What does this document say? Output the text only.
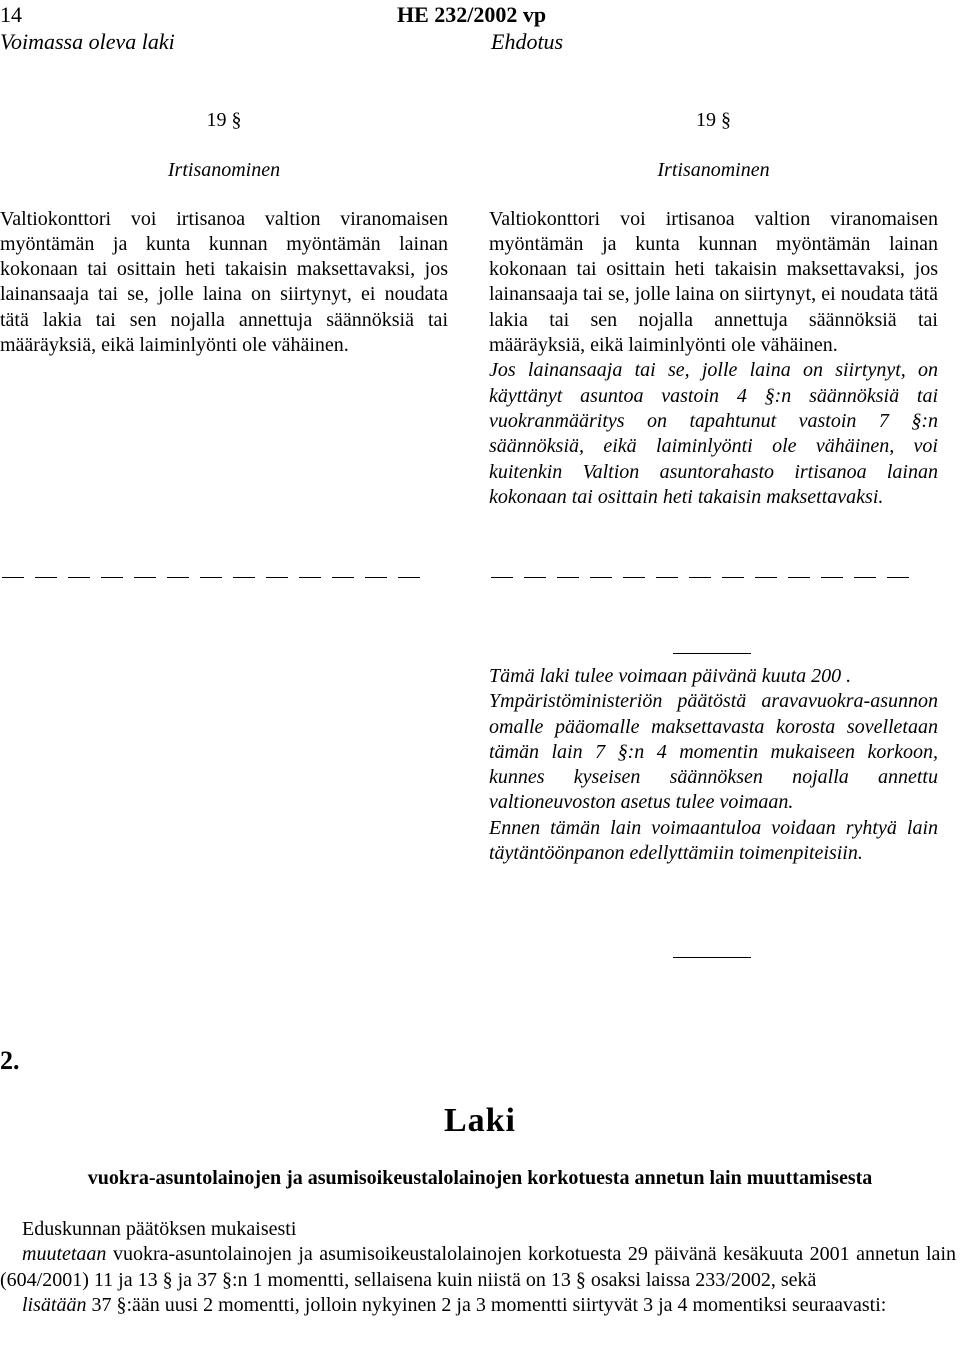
14	HE 232/2002 vp
Voimassa oleva laki	Ehdotus
19 §
Irtisanominen
Valtiokonttori voi irtisanoa valtion viranomaisen myöntämän ja kunta kunnan myöntämän lainan kokonaan tai osittain heti takaisin maksettavaksi, jos lainansaaja tai se, jolle laina on siirtynyt, ei noudata tätä lakia tai sen nojalla annettuja säännöksiä tai määräyksiä, eikä laiminlyönti ole vähäinen.
19 §
Irtisanominen
Valtiokonttori voi irtisanoa valtion viranomaisen myöntämän ja kunta kunnan myöntämän lainan kokonaan tai osittain heti takaisin maksettavaksi, jos lainansaaja tai se, jolle laina on siirtynyt, ei noudata tätä lakia tai sen nojalla annettuja säännöksiä tai määräyksiä, eikä laiminlyönti ole vähäinen.
Jos lainansaaja tai se, jolle laina on siirtynyt, on käyttänyt asuntoa vastoin 4 §:n säännöksiä tai vuokranmääritys on tapahtunut vastoin 7 §:n säännöksiä, eikä laiminlyönti ole vähäinen, voi kuitenkin Valtion asuntorahasto irtisanoa lainan kokonaan tai osittain heti takaisin maksettavaksi.
Tämä laki tulee voimaan päivänä kuuta 200 .
Ympäristöministeriön päätöstä aravavuokra-asunnon omalle pääomalle maksettavasta korosta sovelletaan tämän lain 7 §:n 4 momentin mukaiseen korkoon, kunnes kyseisen säännöksen nojalla annettu valtioneuvoston asetus tulee voimaan.
Ennen tämän lain voimaantuloa voidaan ryhtyä lain täytäntöönpanon edellyttämiin toimenpiteisiin.
2.
Laki
vuokra-asuntolainojen ja asumisoikeustalolainojen korkotuesta annetun lain muuttamisesta
Eduskunnan päätöksen mukaisesti
muutetaan vuokra-asuntolainojen ja asumisoikeustalolainojen korkotuesta 29 päivänä kesäkuuta 2001 annetun lain (604/2001) 11 ja 13 § ja 37 §:n 1 momentti, sellaisena kuin niistä on 13 § osaksi laissa 233/2002, sekä
lisätään 37 §:ään uusi 2 momentti, jolloin nykyinen 2 ja 3 momentti siirtyvät 3 ja 4 momentiksi seuraavasti:
